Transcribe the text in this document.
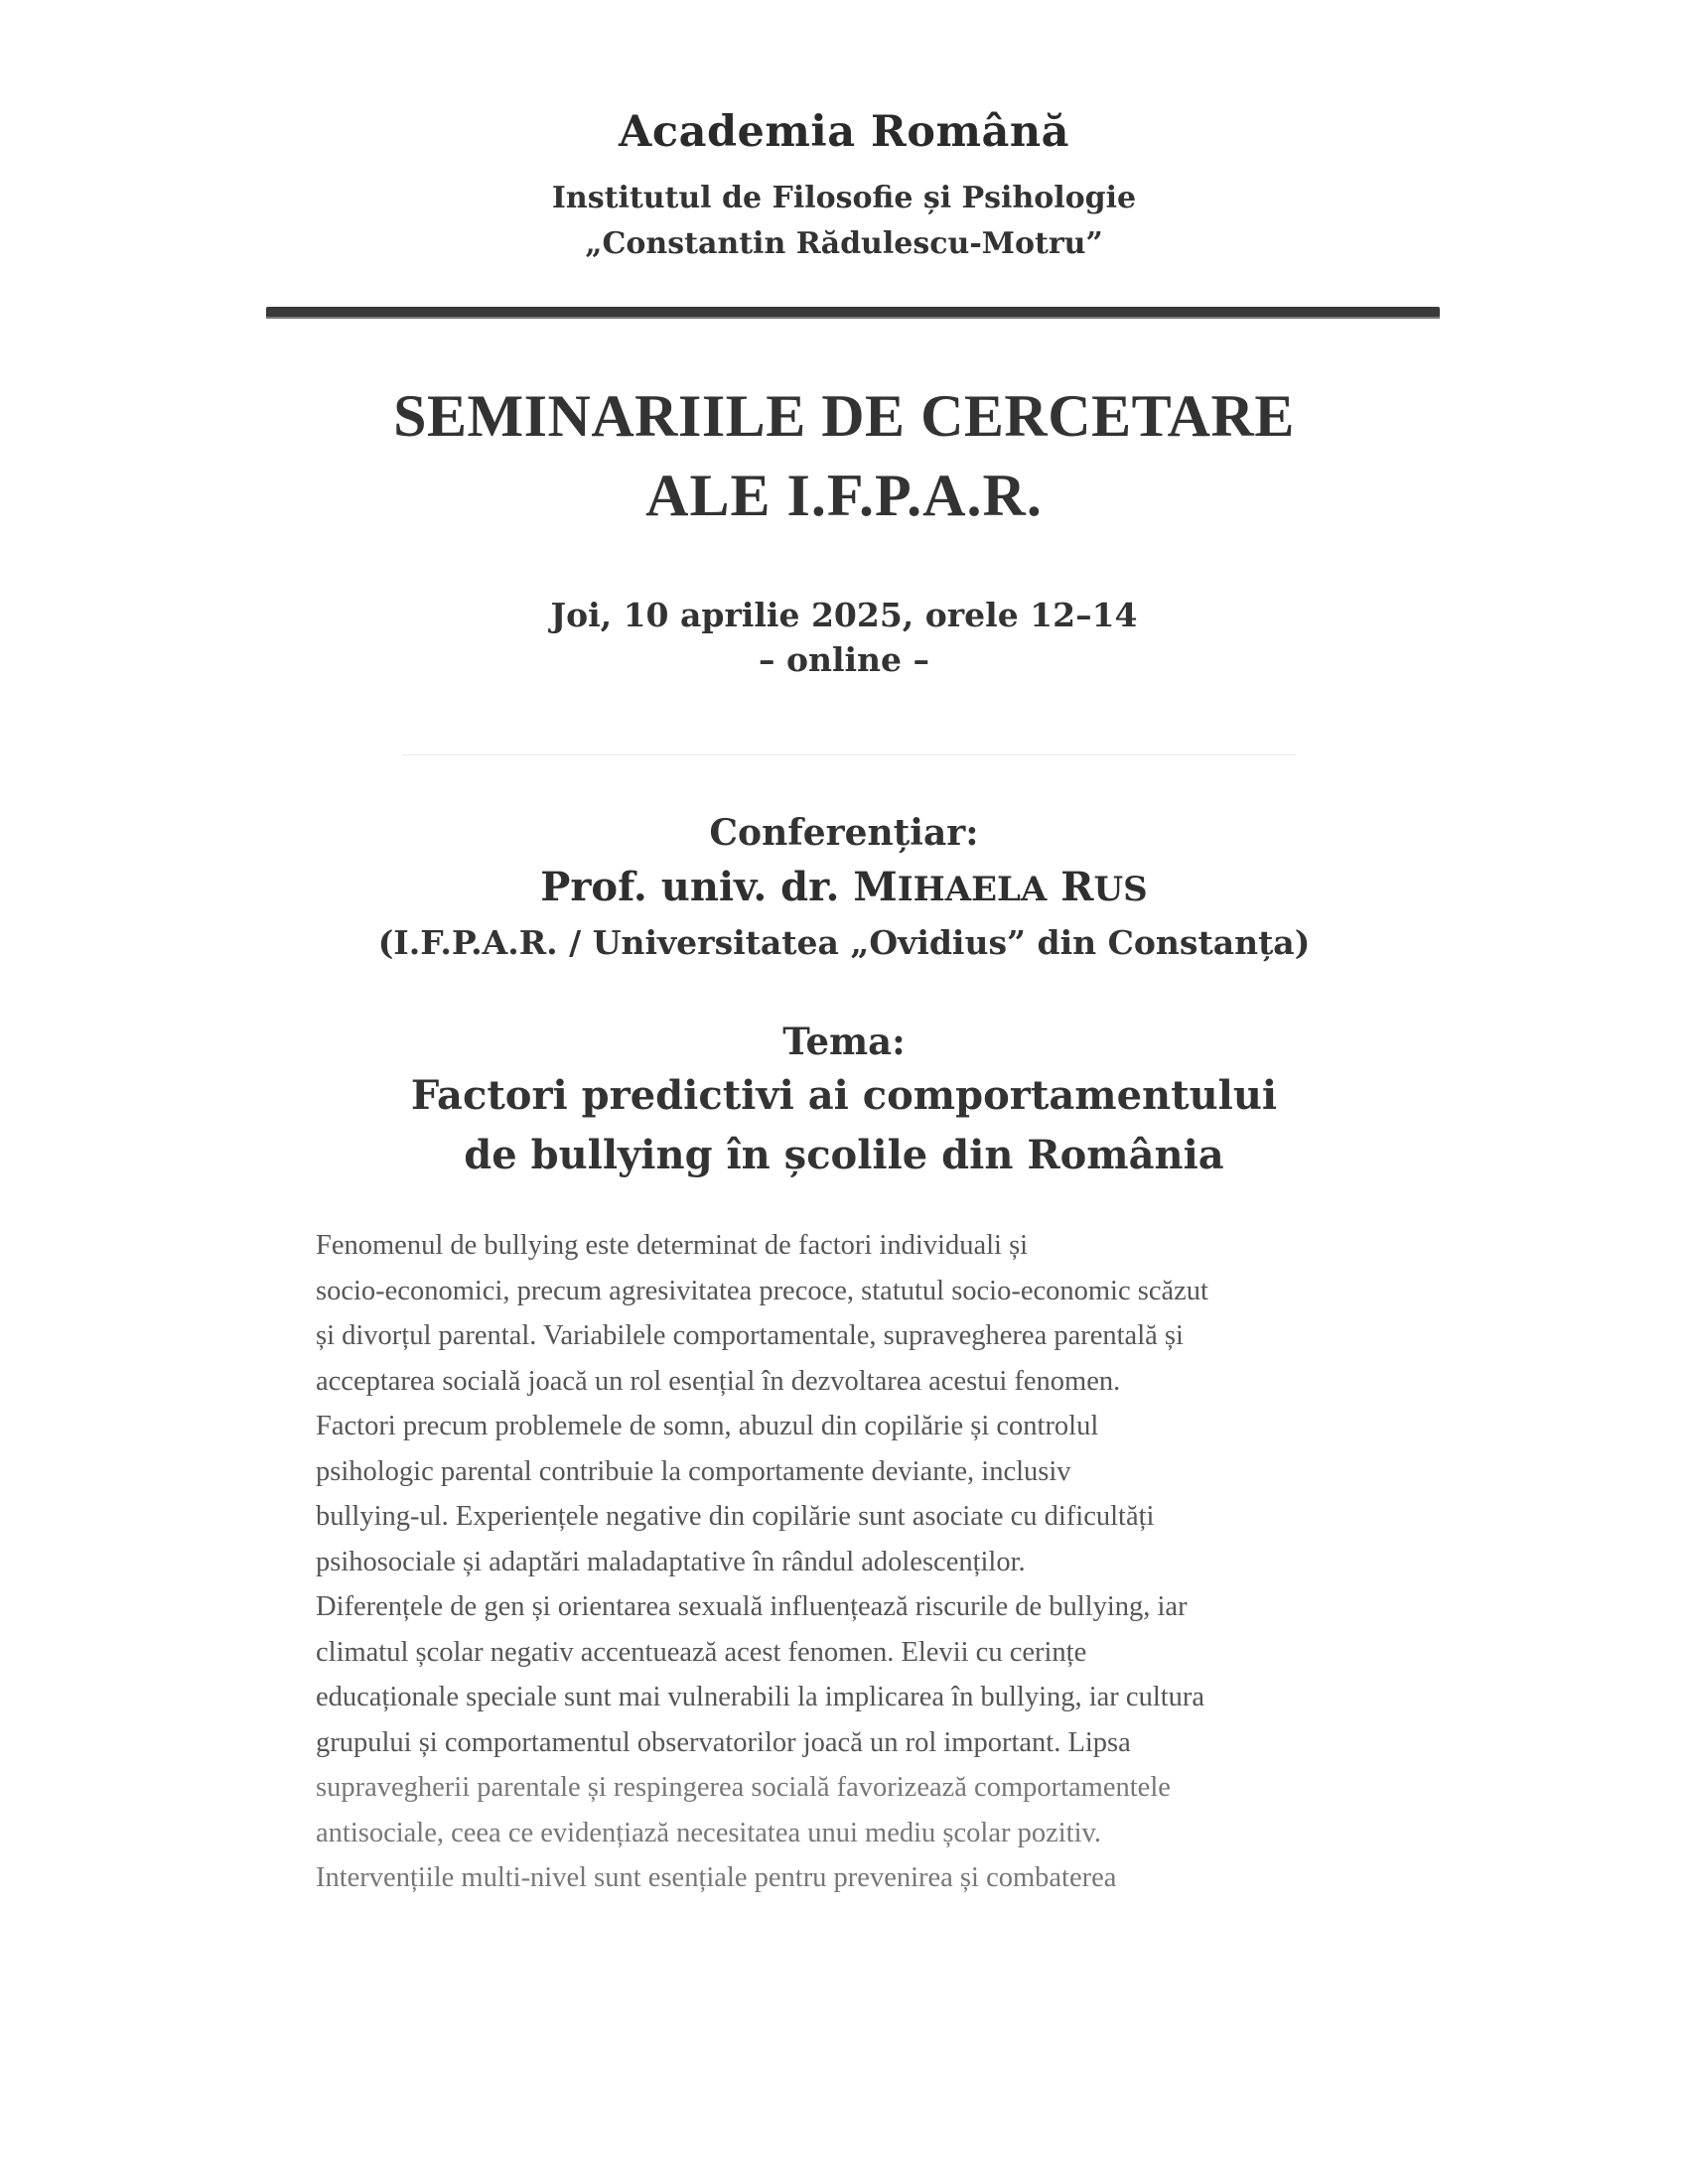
Academia Română
Institutul de Filosofie și Psihologie
„Constantin Rădulescu-Motru”
SEMINARIILE DE CERCETARE
ALE I.F.P.A.R.
Joi, 10 aprilie 2025, orele 12–14
– online –
Conferențiar:
Prof. univ. dr. MIHAELA RUS
(I.F.P.A.R. / Universitatea „Ovidius” din Constanța)
Tema:
Factori predictivi ai comportamentului
de bullying în școlile din România
Fenomenul de bullying este determinat de factori individuali și
socio-economici, precum agresivitatea precoce, statutul socio-economic scăzut
și divorțul parental. Variabilele comportamentale, supravegherea parentală și
acceptarea socială joacă un rol esențial în dezvoltarea acestui fenomen.
Factori precum problemele de somn, abuzul din copilărie și controlul
psihologic parental contribuie la comportamente deviante, inclusiv
bullying-ul. Experiențele negative din copilărie sunt asociate cu dificultăți
psihosociale și adaptări maladaptative în rândul adolescenților.
Diferențele de gen și orientarea sexuală influențează riscurile de bullying, iar
climatul școlar negativ accentuează acest fenomen. Elevii cu cerințe
educaționale speciale sunt mai vulnerabili la implicarea în bullying, iar cultura
grupului și comportamentul observatorilor joacă un rol important. Lipsa
supravegherii parentale și respingerea socială favorizează comportamentele
antisociale, ceea ce evidențiază necesitatea unui mediu școlar pozitiv.
Intervențiile multi-nivel sunt esențiale pentru prevenirea și combaterea
